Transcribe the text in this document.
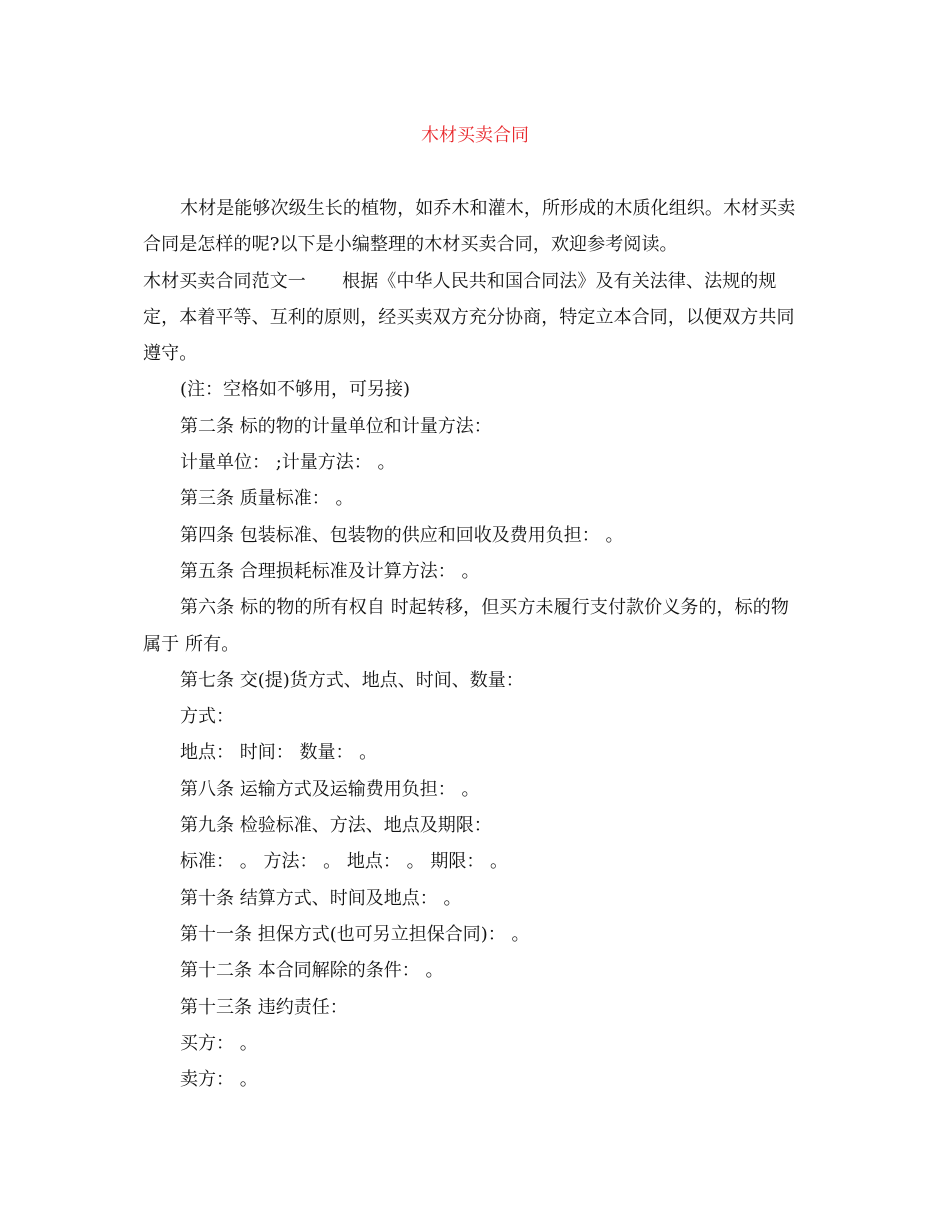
木材买卖合同

木材是能够次级生长的植物，如乔木和灌木，所形成的木质化组织。木材买卖合同是怎样的呢?以下是小编整理的木材买卖合同，欢迎参考阅读。

木材买卖合同范文一　　根据《中华人民共和国合同法》及有关法律、法规的规定，本着平等、互利的原则，经买卖双方充分协商，特定立本合同，以便双方共同遵守。

(注：空格如不够用，可另接)

第二条 标的物的计量单位和计量方法：

计量单位： ;计量方法： 。

第三条 质量标准： 。

第四条 包装标准、包装物的供应和回收及费用负担： 。

第五条 合理损耗标准及计算方法： 。

第六条 标的物的所有权自 时起转移，但买方未履行支付款价义务的，标的物属于 所有。

第七条 交(提)货方式、地点、时间、数量：

方式：

地点： 时间： 数量： 。

第八条 运输方式及运输费用负担： 。

第九条 检验标准、方法、地点及期限：

标准： 。 方法： 。 地点： 。 期限： 。

第十条 结算方式、时间及地点： 。

第十一条 担保方式(也可另立担保合同)： 。

第十二条 本合同解除的条件： 。

第十三条 违约责任：

买方： 。

卖方： 。
